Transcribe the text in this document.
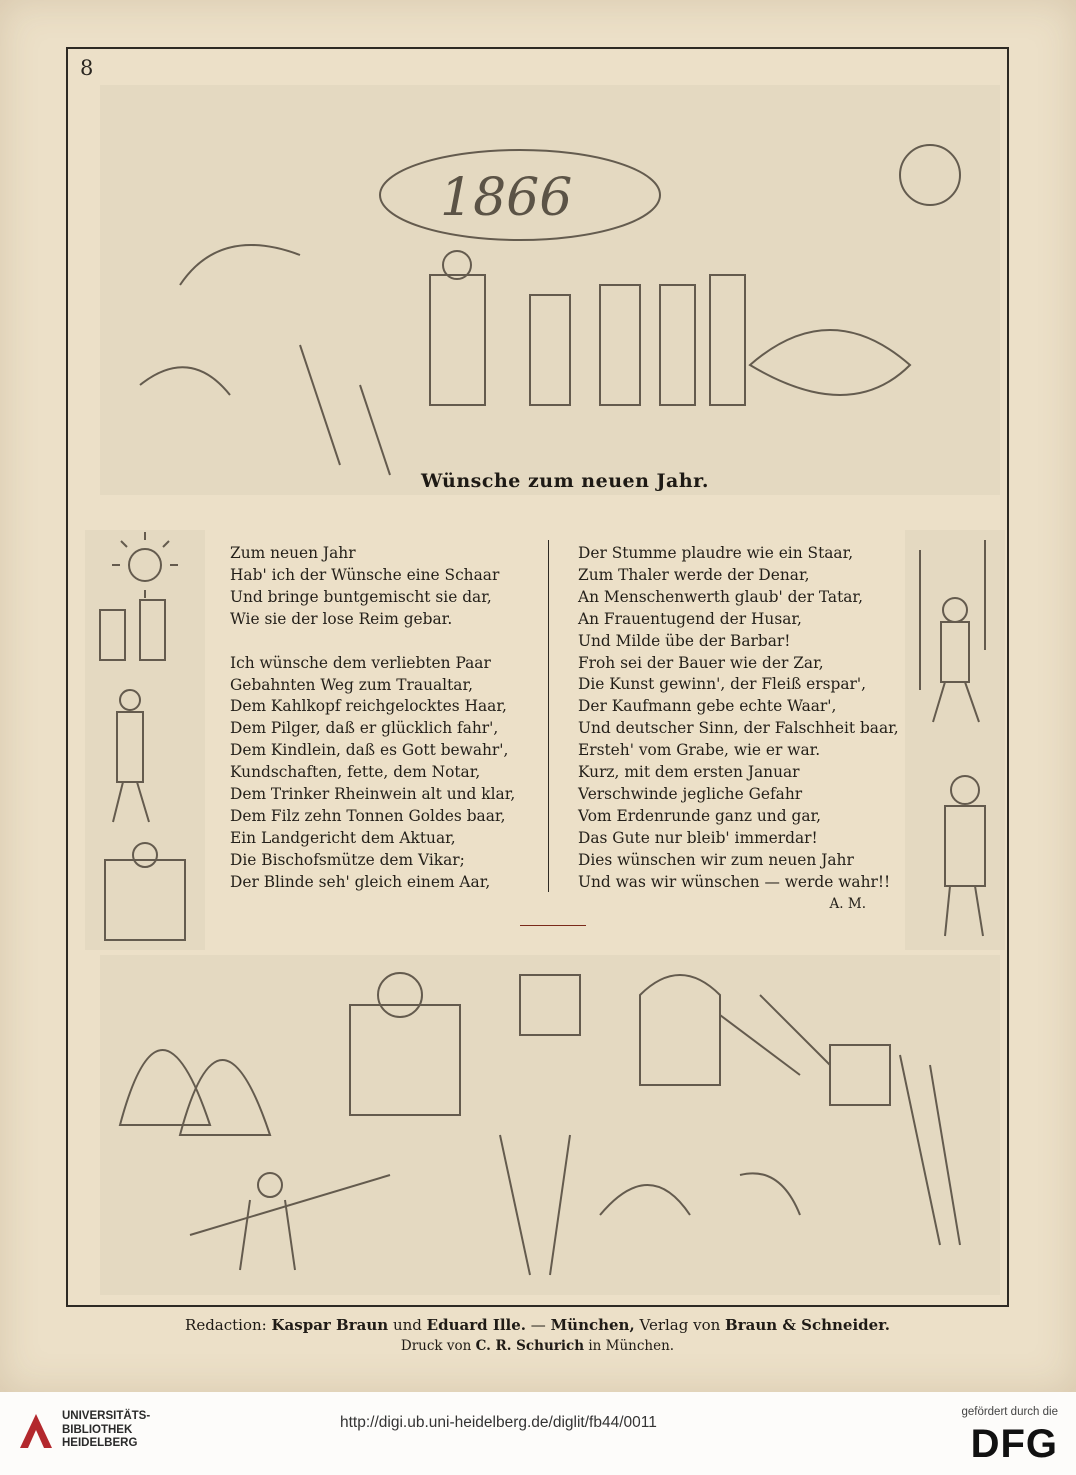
8
1866
Wünsche zum neuen Jahr.
Zum neuen Jahr
Hab' ich der Wünsche eine Schaar
Und bringe buntgemischt sie dar,
Wie sie der lose Reim gebar.
Ich wünsche dem verliebten Paar
Gebahnten Weg zum Traualtar,
Dem Kahlkopf reichgelocktes Haar,
Dem Pilger, daß er glücklich fahr',
Dem Kindlein, daß es Gott bewahr',
Kundschaften, fette, dem Notar,
Dem Trinker Rheinwein alt und klar,
Dem Filz zehn Tonnen Goldes baar,
Ein Landgericht dem Aktuar,
Die Bischofsmütze dem Vikar;
Der Blinde seh' gleich einem Aar,
Der Stumme plaudre wie ein Staar,
Zum Thaler werde der Denar,
An Menschenwerth glaub' der Tatar,
An Frauentugend der Husar,
Und Milde übe der Barbar!
Froh sei der Bauer wie der Zar,
Die Kunst gewinn', der Fleiß erspar',
Der Kaufmann gebe echte Waar',
Und deutscher Sinn, der Falschheit baar,
Ersteh' vom Grabe, wie er war.
Kurz, mit dem ersten Januar
Verschwinde jegliche Gefahr
Vom Erdenrunde ganz und gar,
Das Gute nur bleib' immerdar!
Dies wünschen wir zum neuen Jahr
Und was wir wünschen — werde wahr!!
A. M.
Redaction: Kaspar Braun und Eduard Ille. — München, Verlag von Braun & Schneider.
Druck von C. R. Schurich in München.
UNIVERSITÄTS-
BIBLIOTHEK
HEIDELBERG
http://digi.ub.uni-heidelberg.de/diglit/fb44/0011
gefördert durch die
DFG
